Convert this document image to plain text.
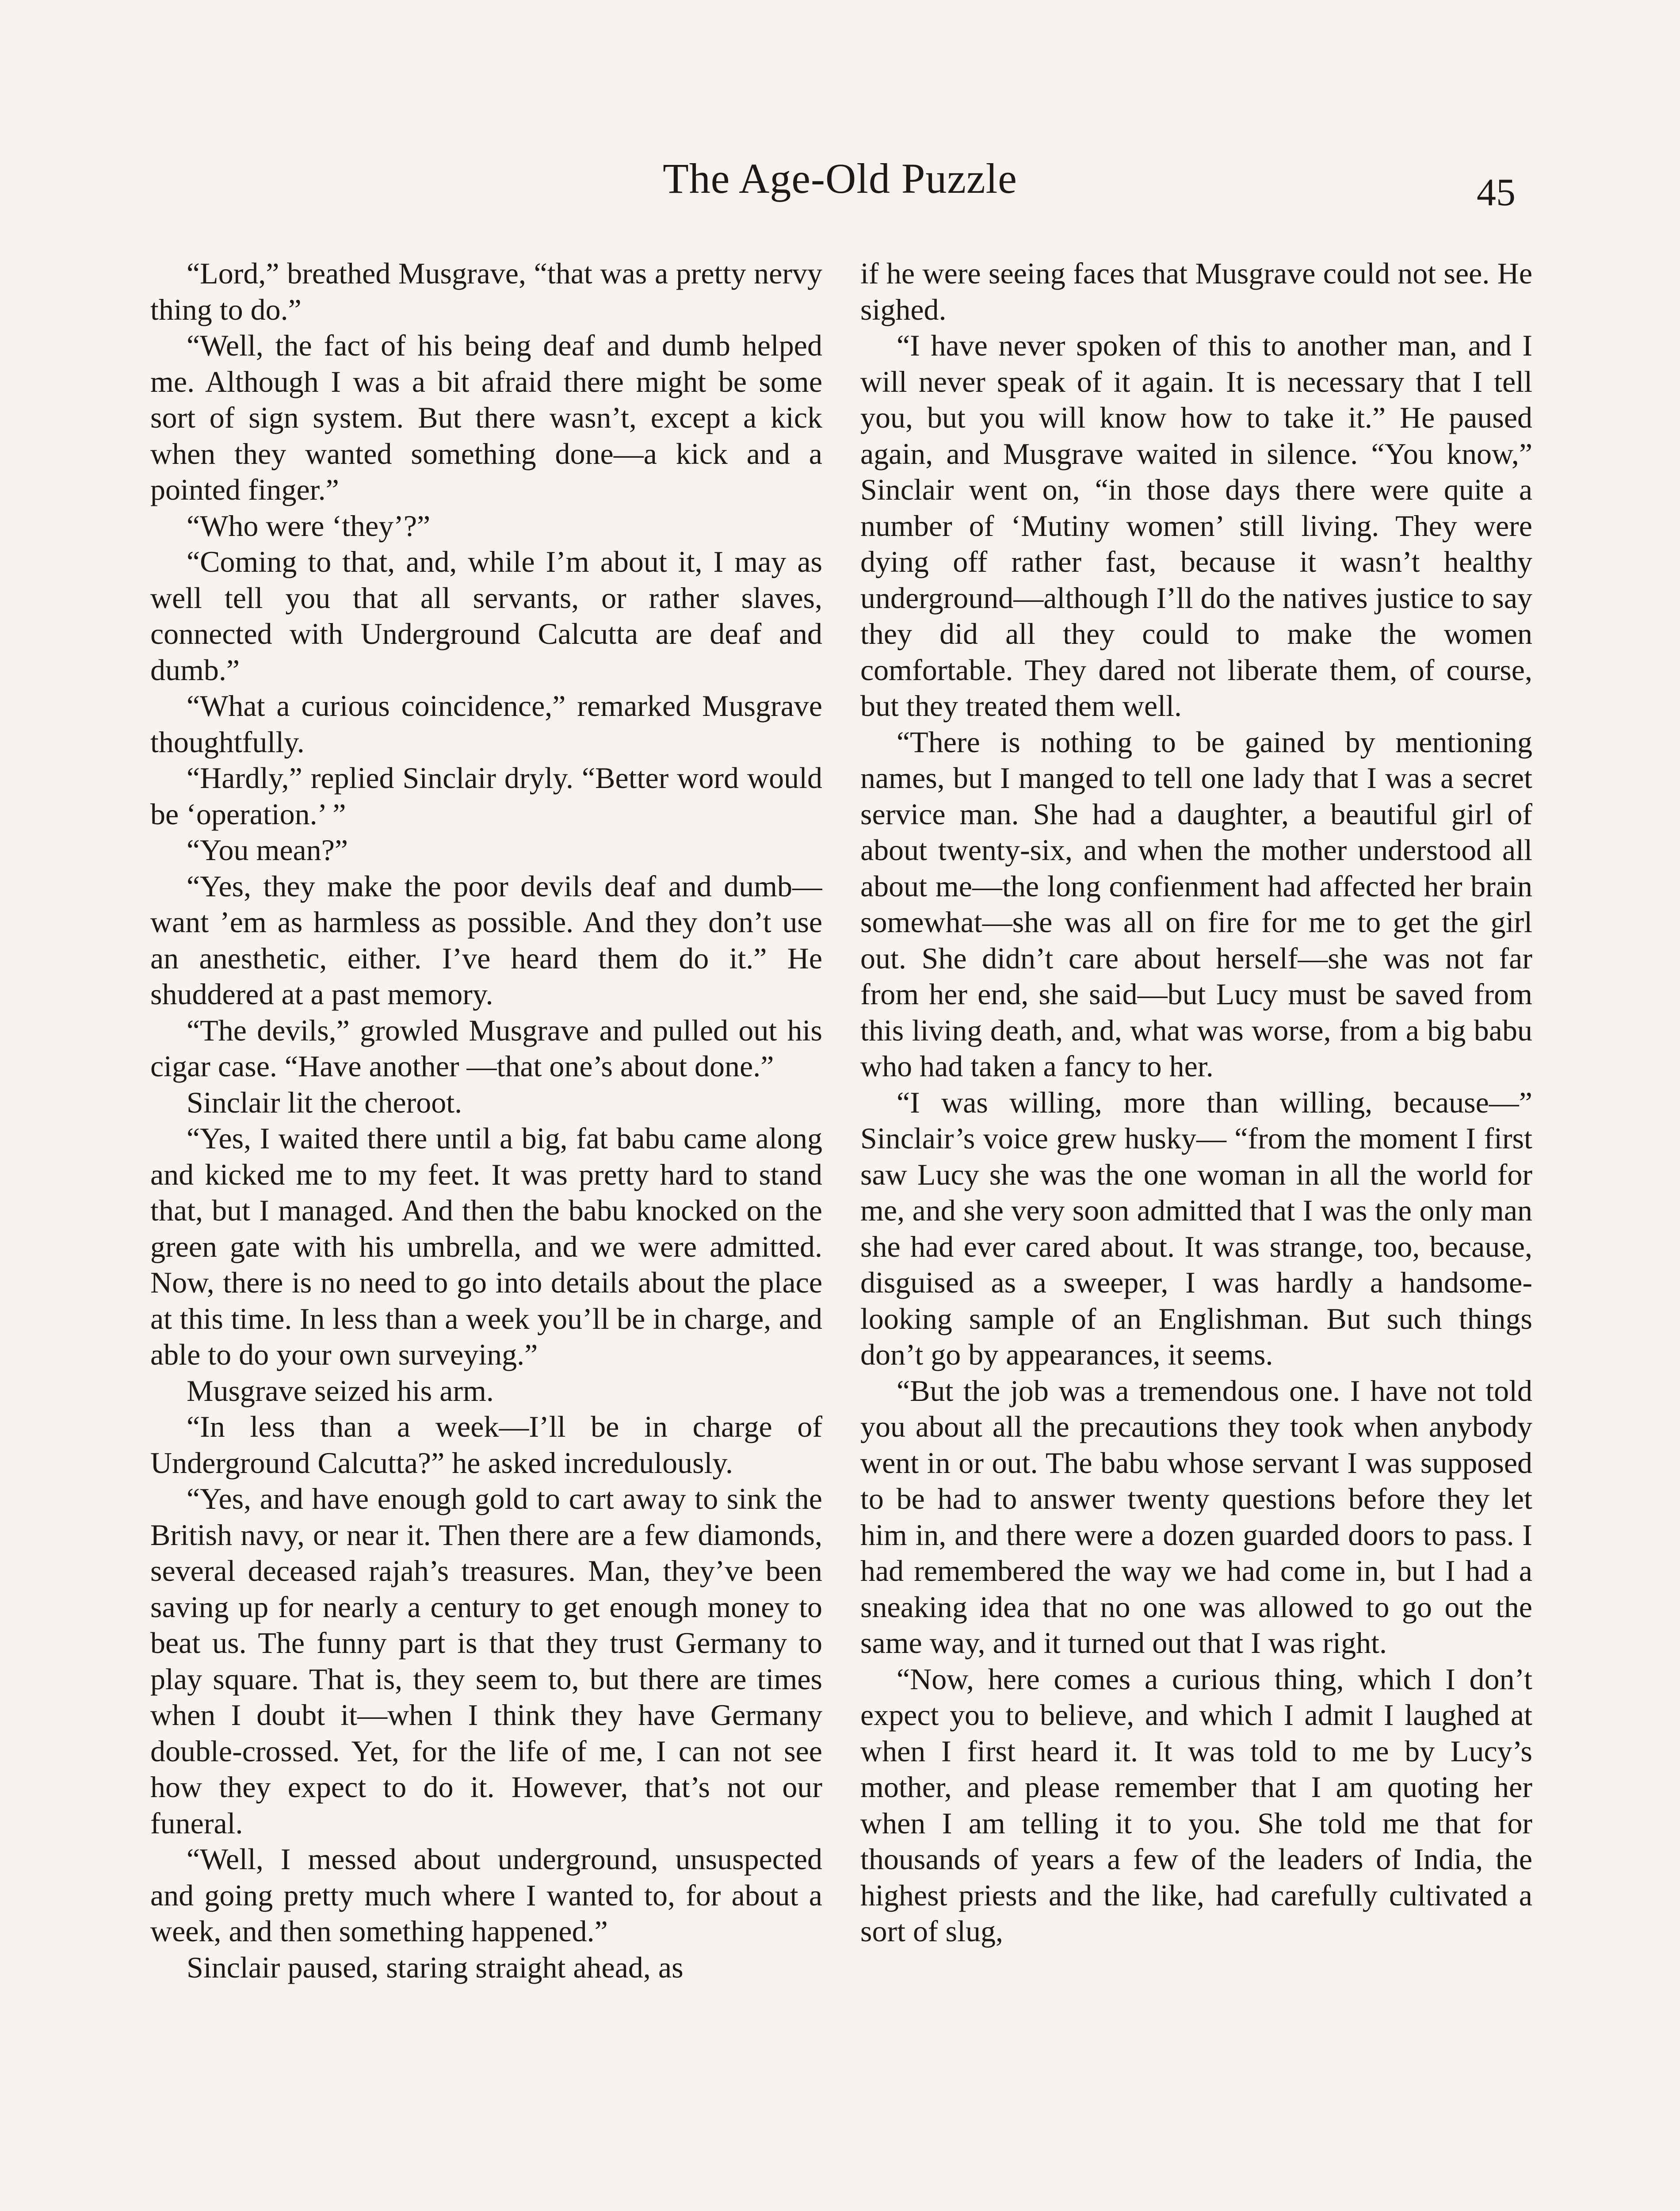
The Age-Old Puzzle	45

“Lord,” breathed Musgrave, “that was a pretty nervy thing to do.”

“Well, the fact of his being deaf and dumb helped me. Although I was a bit afraid there might be some sort of sign system. But there wasn’t, except a kick when they wanted something done—a kick and a pointed finger.”

“Who were ‘they’?”

“Coming to that, and, while I’m about it, I may as well tell you that all servants, or rather slaves, connected with Underground Calcutta are deaf and dumb.”

“What a curious coincidence,” remarked Musgrave thoughtfully.

“Hardly,” replied Sinclair dryly. “Better word would be ‘operation.’ ”

“You mean?”

“Yes, they make the poor devils deaf and dumb—want ’em as harmless as possible. And they don’t use an anesthetic, either. I’ve heard them do it.” He shuddered at a past memory.

“The devils,” growled Musgrave and pulled out his cigar case. “Have another —that one’s about done.”

Sinclair lit the cheroot.

“Yes, I waited there until a big, fat babu came along and kicked me to my feet. It was pretty hard to stand that, but I managed. And then the babu knocked on the green gate with his umbrella, and we were admitted. Now, there is no need to go into details about the place at this time. In less than a week you’ll be in charge, and able to do your own surveying.”

Musgrave seized his arm.

“In less than a week—I’ll be in charge of Underground Calcutta?” he asked incredulously.

“Yes, and have enough gold to cart away to sink the British navy, or near it. Then there are a few diamonds, several deceased rajah’s treasures. Man, they’ve been saving up for nearly a century to get enough money to beat us. The funny part is that they trust Germany to play square. That is, they seem to, but there are times when I doubt it—when I think they have Germany double-crossed. Yet, for the life of me, I can not see how they expect to do it. However, that’s not our funeral.

“Well, I messed about underground, unsuspected and going pretty much where I wanted to, for about a week, and then something happened.”

Sinclair paused, staring straight ahead, as

if he were seeing faces that Musgrave could not see. He sighed.

“I have never spoken of this to another man, and I will never speak of it again. It is necessary that I tell you, but you will know how to take it.” He paused again, and Musgrave waited in silence. “You know,” Sinclair went on, “in those days there were quite a number of ‘Mutiny women’ still living. They were dying off rather fast, because it wasn’t healthy underground—although I’ll do the natives justice to say they did all they could to make the women comfortable. They dared not liberate them, of course, but they treated them well.

“There is nothing to be gained by mentioning names, but I manged to tell one lady that I was a secret service man. She had a daughter, a beautiful girl of about twenty-six, and when the mother understood all about me—the long confienment had affected her brain somewhat—she was all on fire for me to get the girl out. She didn’t care about herself—she was not far from her end, she said—but Lucy must be saved from this living death, and, what was worse, from a big babu who had taken a fancy to her.

“I was willing, more than willing, because—” Sinclair’s voice grew husky— “from the moment I first saw Lucy she was the one woman in all the world for me, and she very soon admitted that I was the only man she had ever cared about. It was strange, too, because, disguised as a sweeper, I was hardly a handsome-looking sample of an Englishman. But such things don’t go by appearances, it seems.

“But the job was a tremendous one. I have not told you about all the precautions they took when anybody went in or out. The babu whose servant I was supposed to be had to answer twenty questions before they let him in, and there were a dozen guarded doors to pass. I had remembered the way we had come in, but I had a sneaking idea that no one was allowed to go out the same way, and it turned out that I was right.

“Now, here comes a curious thing, which I don’t expect you to believe, and which I admit I laughed at when I first heard it. It was told to me by Lucy’s mother, and please remember that I am quoting her when I am telling it to you. She told me that for thousands of years a few of the leaders of India, the highest priests and the like, had carefully cultivated a sort of slug,
